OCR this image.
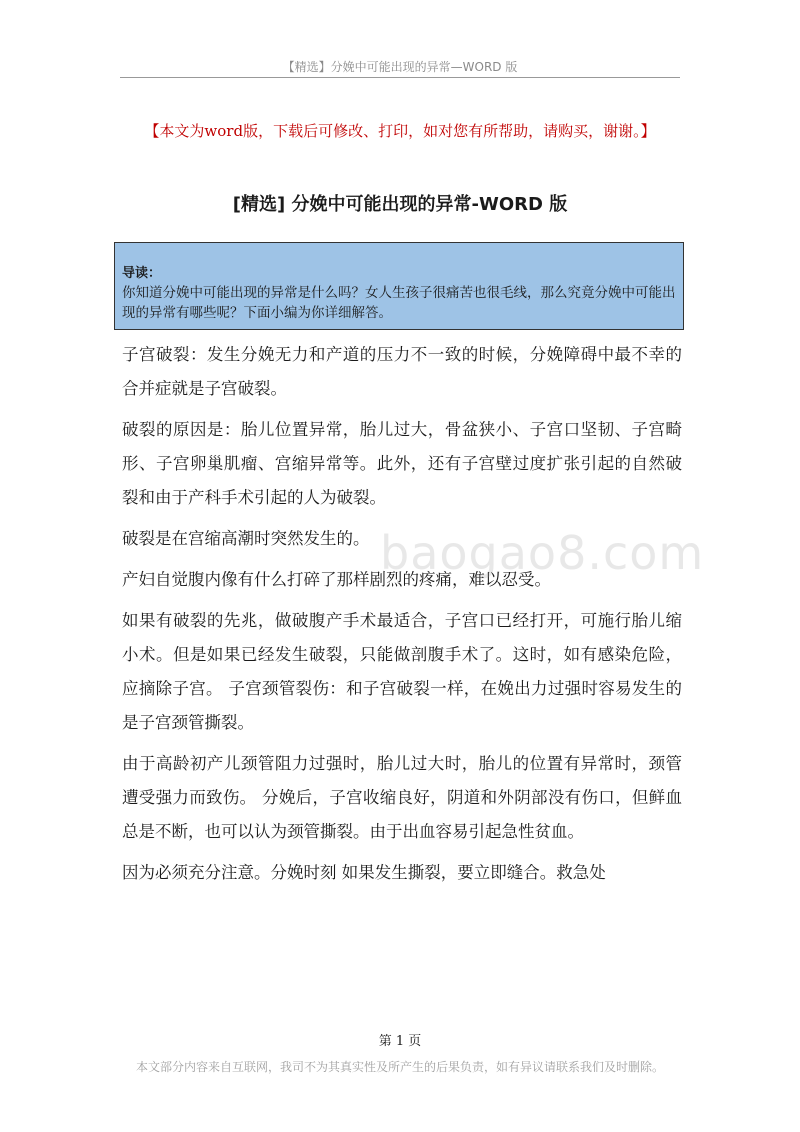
【精选】分娩中可能出现的异常—WORD 版
【本文为word版，下载后可修改、打印，如对您有所帮助，请购买，谢谢。】
[精选] 分娩中可能出现的异常-WORD 版
导读：
你知道分娩中可能出现的异常是什么吗？女人生孩子很痛苦也很毛线，那么究竟分娩中可能出现的异常有哪些呢？下面小编为你详细解答。

子宫破裂：发生分娩无力和产道的压力不一致的时候，分娩障碍中最不幸的合并症就是子宫破裂。

破裂的原因是：胎儿位置异常，胎儿过大，骨盆狭小、子宫口坚韧、子宫畸形、子宫卵巢肌瘤、宫缩异常等。此外，还有子宫壁过度扩张引起的自然破裂和由于产科手术引起的人为破裂。

破裂是在宫缩高潮时突然发生的。

产妇自觉腹内像有什么打碎了那样剧烈的疼痛，难以忍受。

如果有破裂的先兆，做破腹产手术最适合，子宫口已经打开，可施行胎儿缩小术。但是如果已经发生破裂，只能做剖腹手术了。这时，如有感染危险，应摘除子宫。 子宫颈管裂伤：和子宫破裂一样，在娩出力过强时容易发生的是子宫颈管撕裂。

由于高龄初产儿颈管阻力过强时，胎儿过大时，胎儿的位置有异常时，颈管遭受强力而致伤。 分娩后，子宫收缩良好，阴道和外阴部没有伤口，但鲜血总是不断，也可以认为颈管撕裂。由于出血容易引起急性贫血。

因为必须充分注意。分娩时刻 如果发生撕裂，要立即缝合。救急处

baogao8.com
第 1 页
本文部分内容来自互联网，我司不为其真实性及所产生的后果负责，如有异议请联系我们及时删除。
